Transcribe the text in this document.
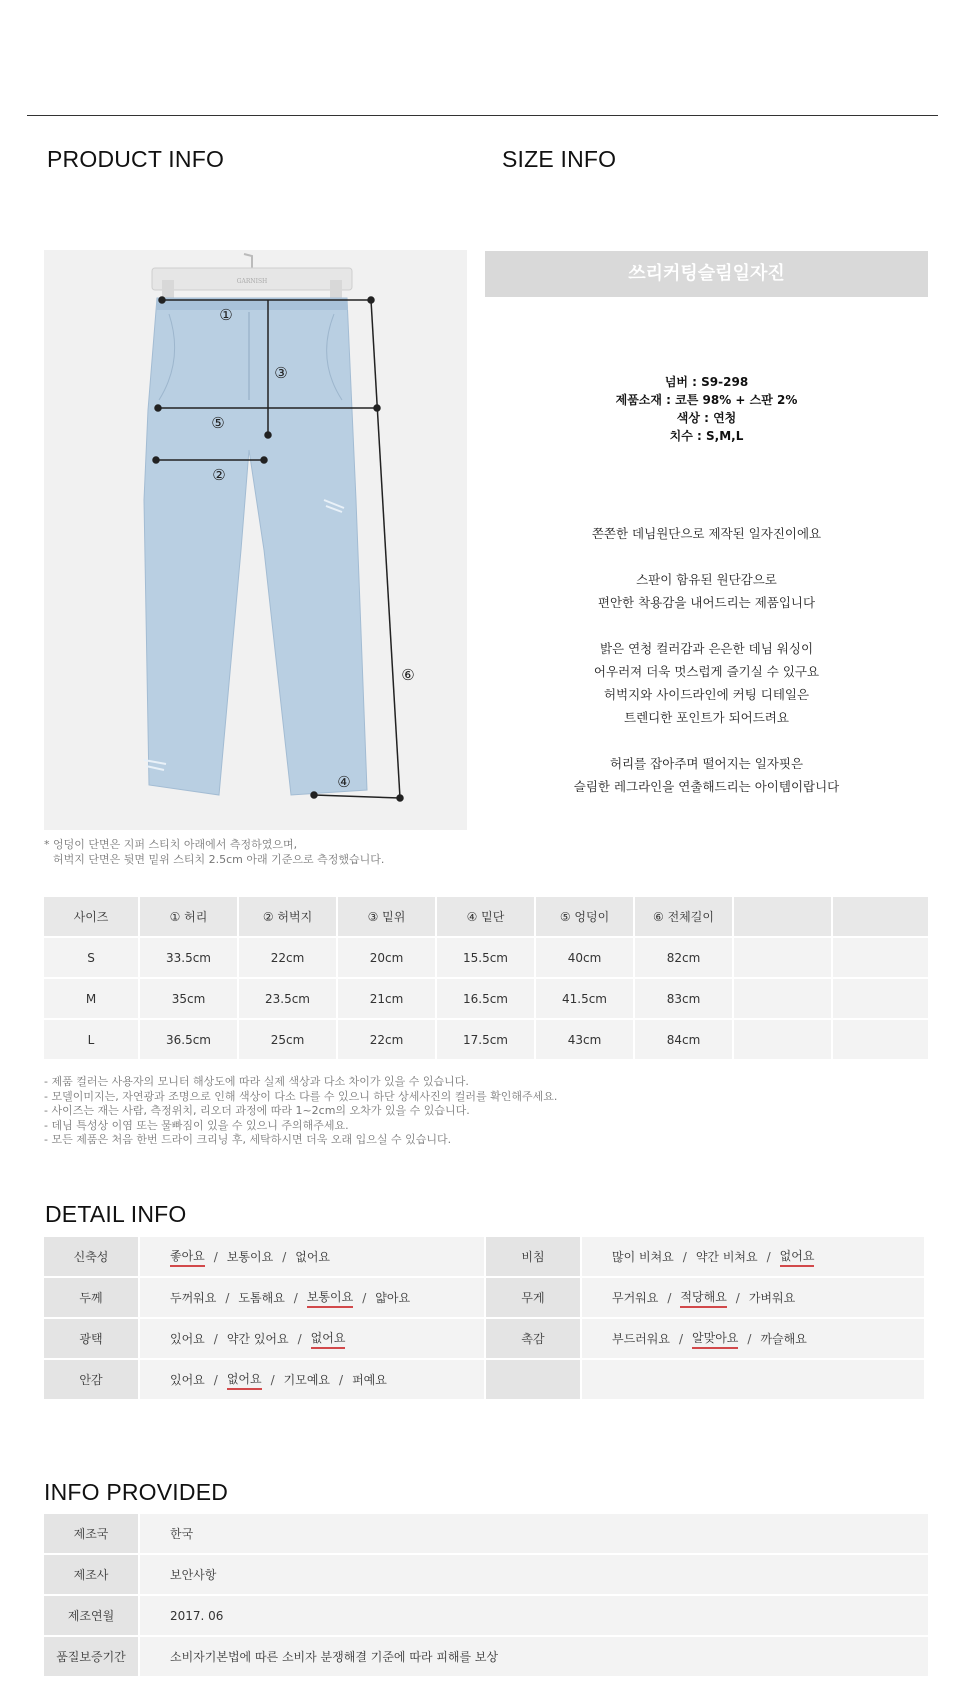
PRODUCT INFO	SIZE INFO
GARNISH
①
②
③
④
⑤
⑥
쓰리커팅슬림일자진
넘버 : S9-298
제품소재 : 코튼 98% + 스판 2%
색상 : 연청
치수 : S,M,L
쫀쫀한 데님원단으로 제작된 일자진이에요
스판이 함유된 원단감으로
편안한 착용감을 내어드리는 제품입니다
밝은 연청 컬러감과 은은한 데님 워싱이
어우러져 더욱 멋스럽게 즐기실 수 있구요
허벅지와 사이드라인에 커팅 디테일은
트렌디한 포인트가 되어드려요
허리를 잡아주며 떨어지는 일자핏은
슬림한 레그라인을 연출해드리는 아이템이랍니다
* 엉덩이 단면은 지퍼 스티치 아래에서 측정하였으며,
허벅지 단면은 뒷면 밑위 스티치 2.5cm 아래 기준으로 측정했습니다.
사이즈	① 허리	② 허벅지	③ 밑위	④ 밑단	⑤ 엉덩이	⑥ 전체길이
S	33.5cm	22cm	20cm	15.5cm	40cm	82cm
M	35cm	23.5cm	21cm	16.5cm	41.5cm	83cm
L	36.5cm	25cm	22cm	17.5cm	43cm	84cm
- 제품 컬러는 사용자의 모니터 해상도에 따라 실제 색상과 다소 차이가 있을 수 있습니다.
- 모델이미지는, 자연광과 조명으로 인해 색상이 다소 다를 수 있으니 하단 상세사진의 컬러를 확인해주세요.
- 사이즈는 재는 사람, 측정위치, 리오더 과정에 따라 1~2cm의 오차가 있을 수 있습니다.
- 데님 특성상 이염 또는 물빠짐이 있을 수 있으니 주의해주세요.
- 모든 제품은 처음 한번 드라이 크리닝 후, 세탁하시면 더욱 오래 입으실 수 있습니다.
DETAIL INFO
신축성	좋아요 / 보통이요 / 없어요	비침	많이 비쳐요 / 약간 비쳐요 / 없어요
두께	두꺼워요 / 도톰해요 / 보통이요 / 얇아요	무게	무거워요 / 적당해요 / 가벼워요
광택	있어요 / 약간 있어요 / 없어요	촉감	부드러워요 / 알맞아요 / 까슬해요
안감	있어요 / 없어요 / 기모예요 / 퍼예요
INFO PROVIDED
제조국	한국
제조사	보안사항
제조연월	2017. 06
품질보증기간	소비자기본법에 따른 소비자 분쟁해결 기준에 따라 피해를 보상
